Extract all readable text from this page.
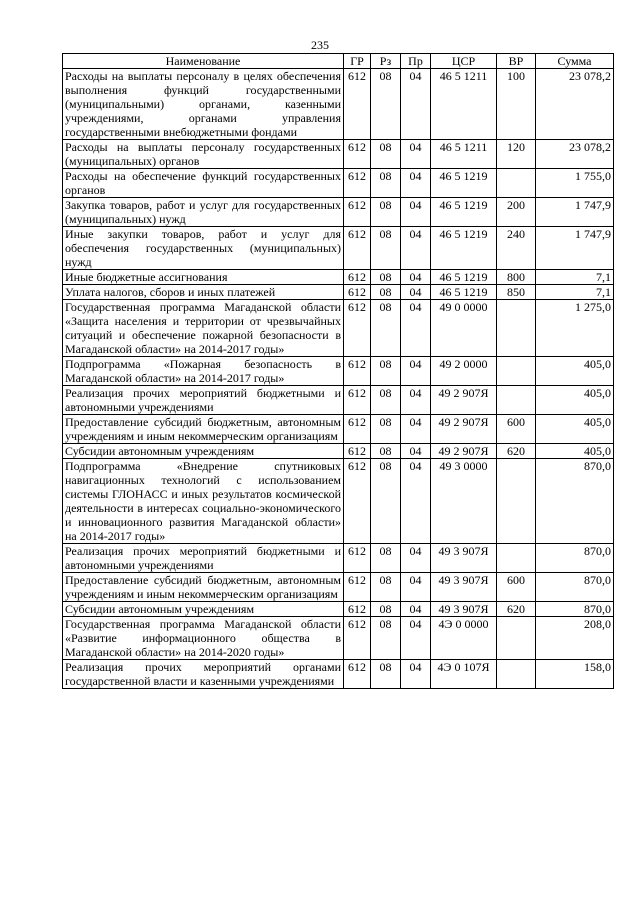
235
Наименование	ГР	Рз	Пр	ЦСР	ВР	Сумма
Расходы на выплаты персоналу в целях обеспечения выполнения функций государственными (муниципальными) органами, казенными учреждениями, органами управления государственными внебюджетными фондами	612	08	04	46 5 1211	100	23 078,2
Расходы на выплаты персоналу государственных (муниципальных) органов	612	08	04	46 5 1211	120	23 078,2
Расходы на обеспечение функций государственных органов	612	08	04	46 5 1219		1 755,0
Закупка товаров, работ и услуг для государственных (муниципальных) нужд	612	08	04	46 5 1219	200	1 747,9
Иные закупки товаров, работ и услуг для обеспечения государственных (муниципальных) нужд	612	08	04	46 5 1219	240	1 747,9
Иные бюджетные ассигнования	612	08	04	46 5 1219	800	7,1
Уплата налогов, сборов и иных платежей	612	08	04	46 5 1219	850	7,1
Государственная программа Магаданской области «Защита населения и территории от чрезвычайных ситуаций и обеспечение пожарной безопасности в Магаданской области» на 2014-2017 годы»	612	08	04	49 0 0000		1 275,0
Подпрограмма «Пожарная безопасность в Магаданской области» на 2014-2017 годы»	612	08	04	49 2 0000		405,0
Реализация прочих мероприятий бюджетными и автономными учреждениями	612	08	04	49 2 907Я		405,0
Предоставление субсидий бюджетным, автономным учреждениям и иным некоммерческим организациям	612	08	04	49 2 907Я	600	405,0
Субсидии автономным учреждениям	612	08	04	49 2 907Я	620	405,0
Подпрограмма «Внедрение спутниковых навигационных технологий с использованием системы ГЛОНАСС и иных результатов космической деятельности в интересах социально-экономического и инновационного развития Магаданской области» на 2014-2017 годы»	612	08	04	49 3 0000		870,0
Реализация прочих мероприятий бюджетными и автономными учреждениями	612	08	04	49 3 907Я		870,0
Предоставление субсидий бюджетным, автономным учреждениям и иным некоммерческим организациям	612	08	04	49 3 907Я	600	870,0
Субсидии автономным учреждениям	612	08	04	49 3 907Я	620	870,0
Государственная программа Магаданской области «Развитие информационного общества в Магаданской области» на 2014-2020 годы»	612	08	04	4Э 0 0000		208,0
Реализация прочих мероприятий органами государственной власти и казенными учреждениями	612	08	04	4Э 0 107Я		158,0
